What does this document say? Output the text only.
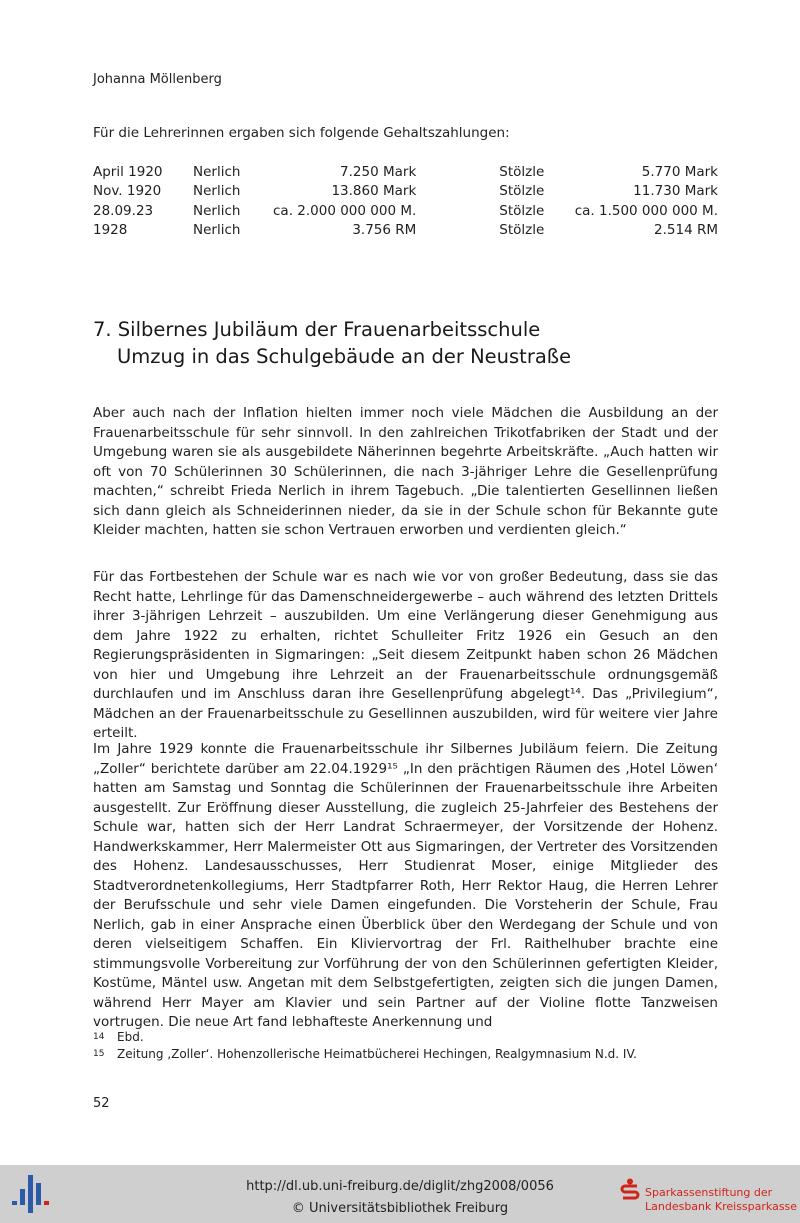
Johanna Möllenberg
Für die Lehrerinnen ergaben sich folgende Gehaltszahlungen:
April 1920	Nerlich	7.250 Mark		Stölzle	5.770 Mark
Nov. 1920	Nerlich	13.860 Mark		Stölzle	11.730 Mark
28.09.23	Nerlich	ca. 2.000 000 000 M.		Stölzle	ca. 1.500 000 000 M.
1928	Nerlich	3.756 RM		Stölzle	2.514 RM
7. Silbernes Jubiläum der Frauenarbeitsschule
Umzug in das Schulgebäude an der Neustraße

Aber auch nach der Inflation hielten immer noch viele Mädchen die Ausbildung an der Frauenarbeitsschule für sehr sinnvoll. In den zahlreichen Trikotfabriken der Stadt und der Umgebung waren sie als ausgebildete Näherinnen begehrte Arbeitskräfte. „Auch hatten wir oft von 70 Schülerinnen 30 Schülerinnen, die nach 3-jähriger Lehre die Gesellenprüfung machten,“ schreibt Frieda Nerlich in ihrem Tagebuch. „Die talentierten Gesellinnen ließen sich dann gleich als Schneiderinnen nieder, da sie in der Schule schon für Bekannte gute Kleider machten, hatten sie schon Vertrauen erworben und verdienten gleich.“

Für das Fortbestehen der Schule war es nach wie vor von großer Bedeutung, dass sie das Recht hatte, Lehrlinge für das Damenschneidergewerbe – auch während des letzten Drittels ihrer 3-jährigen Lehrzeit – auszubilden. Um eine Verlängerung dieser Genehmigung aus dem Jahre 1922 zu erhalten, richtet Schulleiter Fritz 1926 ein Gesuch an den Regierungspräsidenten in Sigmaringen: „Seit diesem Zeitpunkt haben schon 26 Mädchen von hier und Umgebung ihre Lehrzeit an der Frauenarbeitsschule ordnungsgemäß durchlaufen und im Anschluss daran ihre Gesellenprüfung abgelegt¹⁴. Das „Privilegium“, Mädchen an der Frauenarbeitsschule zu Gesellinnen auszubilden, wird für weitere vier Jahre erteilt.

Im Jahre 1929 konnte die Frauenarbeitsschule ihr Silbernes Jubiläum feiern. Die Zeitung „Zoller“ berichtete darüber am 22.04.1929¹⁵ „In den prächtigen Räumen des ‚Hotel Löwen‘ hatten am Samstag und Sonntag die Schülerinnen der Frauenarbeitsschule ihre Arbeiten ausgestellt. Zur Eröffnung dieser Ausstellung, die zugleich 25-Jahrfeier des Bestehens der Schule war, hatten sich der Herr Landrat Schraermeyer, der Vorsitzende der Hohenz. Handwerkskammer, Herr Malermeister Ott aus Sigmaringen, der Vertreter des Vorsitzenden des Hohenz. Landesausschusses, Herr Studienrat Moser, einige Mitglieder des Stadtverordnetenkollegiums, Herr Stadtpfarrer Roth, Herr Rektor Haug, die Herren Lehrer der Berufsschule und sehr viele Damen eingefunden. Die Vorsteherin der Schule, Frau Nerlich, gab in einer Ansprache einen Überblick über den Werdegang der Schule und von deren vielseitigem Schaffen. Ein Kliviervortrag der Frl. Raithelhuber brachte eine stimmungsvolle Vorbereitung zur Vorführung der von den Schülerinnen gefertigten Kleider, Kostüme, Mäntel usw. Angetan mit dem Selbstgefertigten, zeigten sich die jungen Damen, während Herr Mayer am Klavier und sein Partner auf der Violine flotte Tanzweisen vortrugen. Die neue Art fand lebhafteste Anerkennung und

14	Ebd.
15	Zeitung ‚Zoller‘. Hohenzollerische Heimatbücherei Hechingen, Realgymnasium N.d. IV.
52
http://dl.ub.uni-freiburg.de/diglit/zhg2008/0056
© Universitätsbibliothek Freiburg
Sparkassenstiftung der
Landesbank Kreissparkasse
